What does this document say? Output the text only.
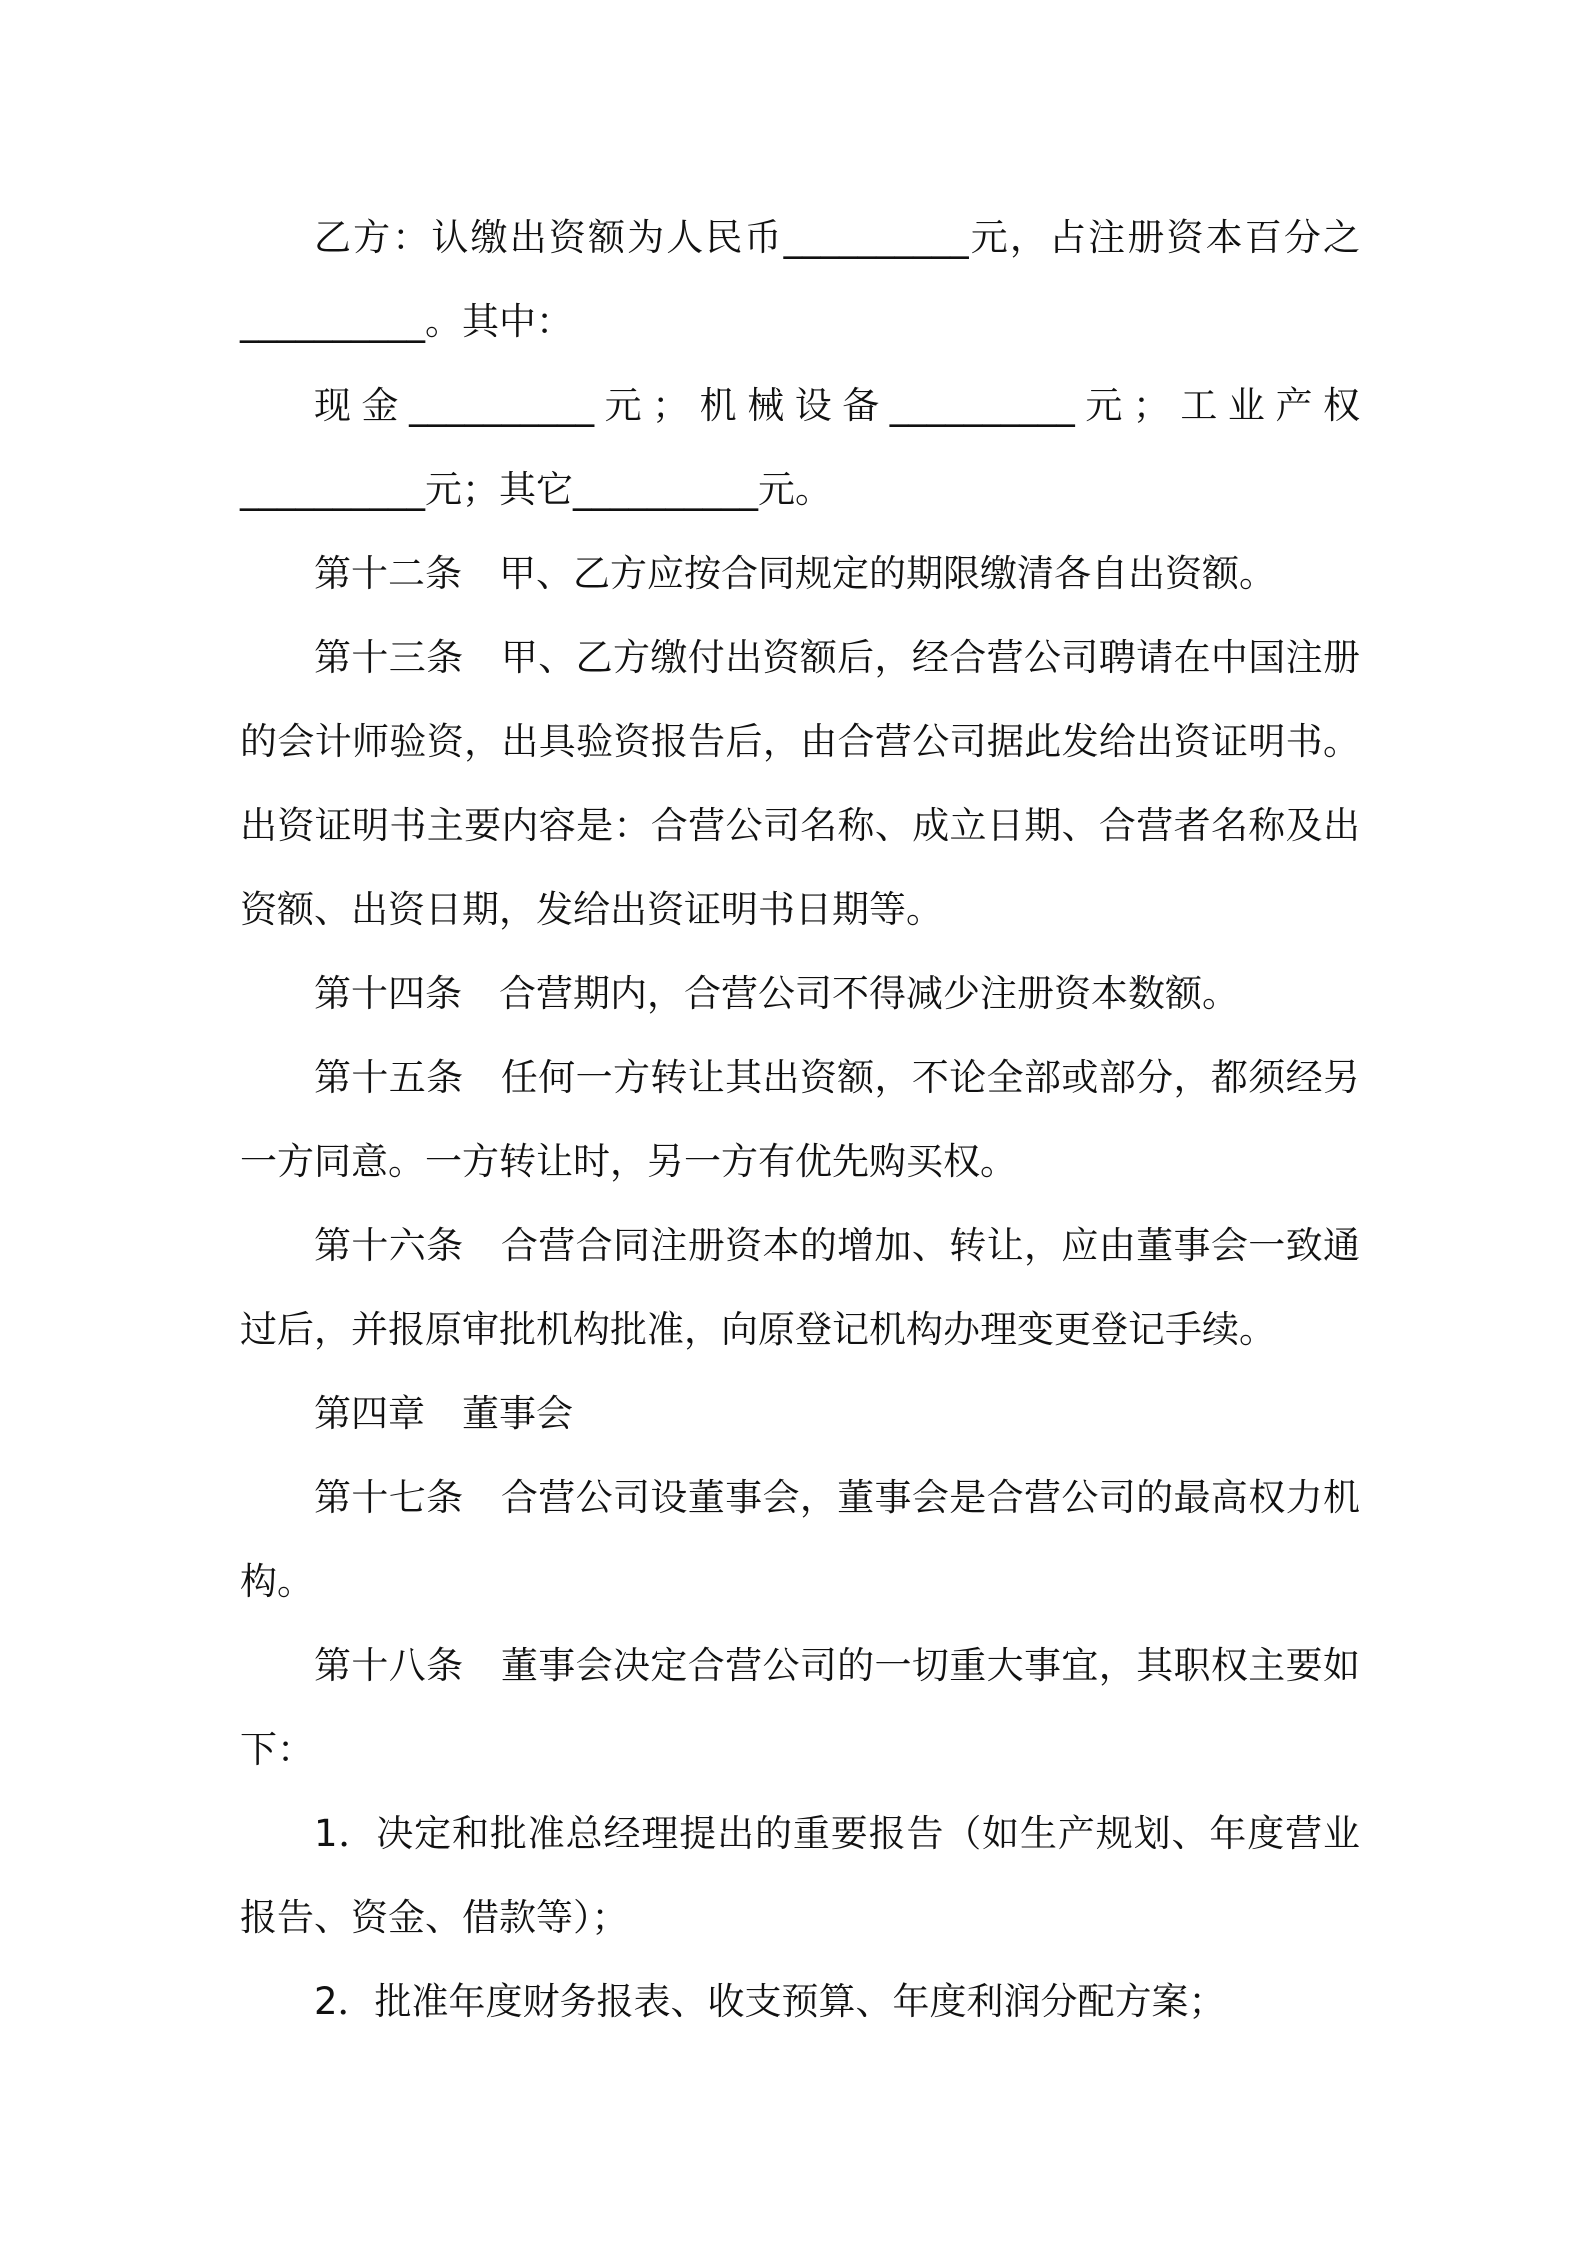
乙方：认缴出资额为人民币__________元，占注册资本百分之__________。其中：

现金__________元；机械设备__________元；工业产权__________元；其它__________元。

第十二条　甲、乙方应按合同规定的期限缴清各自出资额。

第十三条　甲、乙方缴付出资额后，经合营公司聘请在中国注册的会计师验资，出具验资报告后，由合营公司据此发给出资证明书。出资证明书主要内容是：合营公司名称、成立日期、合营者名称及出资额、出资日期，发给出资证明书日期等。

第十四条　合营期内，合营公司不得减少注册资本数额。

第十五条　任何一方转让其出资额，不论全部或部分，都须经另一方同意。一方转让时，另一方有优先购买权。

第十六条　合营合同注册资本的增加、转让，应由董事会一致通过后，并报原审批机构批准，向原登记机构办理变更登记手续。

第四章　董事会

第十七条　合营公司设董事会，董事会是合营公司的最高权力机构。

第十八条　董事会决定合营公司的一切重大事宜，其职权主要如下：

1．决定和批准总经理提出的重要报告（如生产规划、年度营业报告、资金、借款等）；

2．批准年度财务报表、收支预算、年度利润分配方案；
